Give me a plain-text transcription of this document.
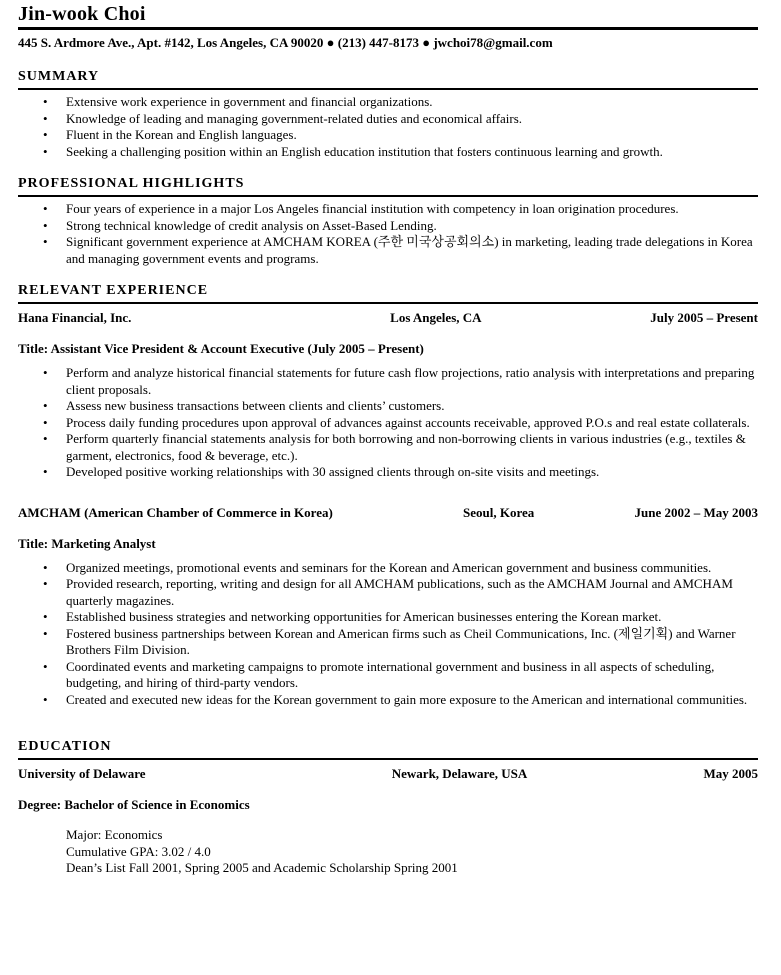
Jin-wook Choi
445 S. Ardmore Ave., Apt. #142, Los Angeles, CA 90020 ● (213) 447-8173 ● jwchoi78@gmail.com
SUMMARY
• Extensive work experience in government and financial organizations.
• Knowledge of leading and managing government-related duties and economical affairs.
• Fluent in the Korean and English languages.
• Seeking a challenging position within an English education institution that fosters continuous learning and growth.
PROFESSIONAL HIGHLIGHTS
• Four years of experience in a major Los Angeles financial institution with competency in loan origination procedures.
• Strong technical knowledge of credit analysis on Asset-Based Lending.
• Significant government experience at AMCHAM KOREA (주한 미국상공회의소) in marketing, leading trade delegations in Korea and managing government events and programs.
RELEVANT EXPERIENCE
Hana Financial, Inc.	Los Angeles, CA	July 2005 – Present
Title: Assistant Vice President & Account Executive (July 2005 – Present)
• Perform and analyze historical financial statements for future cash flow projections, ratio analysis with interpretations and preparing client proposals.
• Assess new business transactions between clients and clients’ customers.
• Process daily funding procedures upon approval of advances against accounts receivable, approved P.O.s and real estate collaterals.
• Perform quarterly financial statements analysis for both borrowing and non-borrowing clients in various industries (e.g., textiles & garment, electronics, food & beverage, etc.).
• Developed positive working relationships with 30 assigned clients through on-site visits and meetings.
AMCHAM (American Chamber of Commerce in Korea)	Seoul, Korea	June 2002 – May 2003
Title: Marketing Analyst
• Organized meetings, promotional events and seminars for the Korean and American government and business communities.
• Provided research, reporting, writing and design for all AMCHAM publications, such as the AMCHAM Journal and AMCHAM quarterly magazines.
• Established business strategies and networking opportunities for American businesses entering the Korean market.
• Fostered business partnerships between Korean and American firms such as Cheil Communications, Inc. (제일기획) and Warner Brothers Film Division.
• Coordinated events and marketing campaigns to promote international government and business in all aspects of scheduling, budgeting, and hiring of third-party vendors.
• Created and executed new ideas for the Korean government to gain more exposure to the American and international communities.
EDUCATION
University of Delaware	Newark, Delaware, USA	May 2005
Degree: Bachelor of Science in Economics
Major: Economics
Cumulative GPA: 3.02 / 4.0
Dean’s List Fall 2001, Spring 2005 and Academic Scholarship Spring 2001
